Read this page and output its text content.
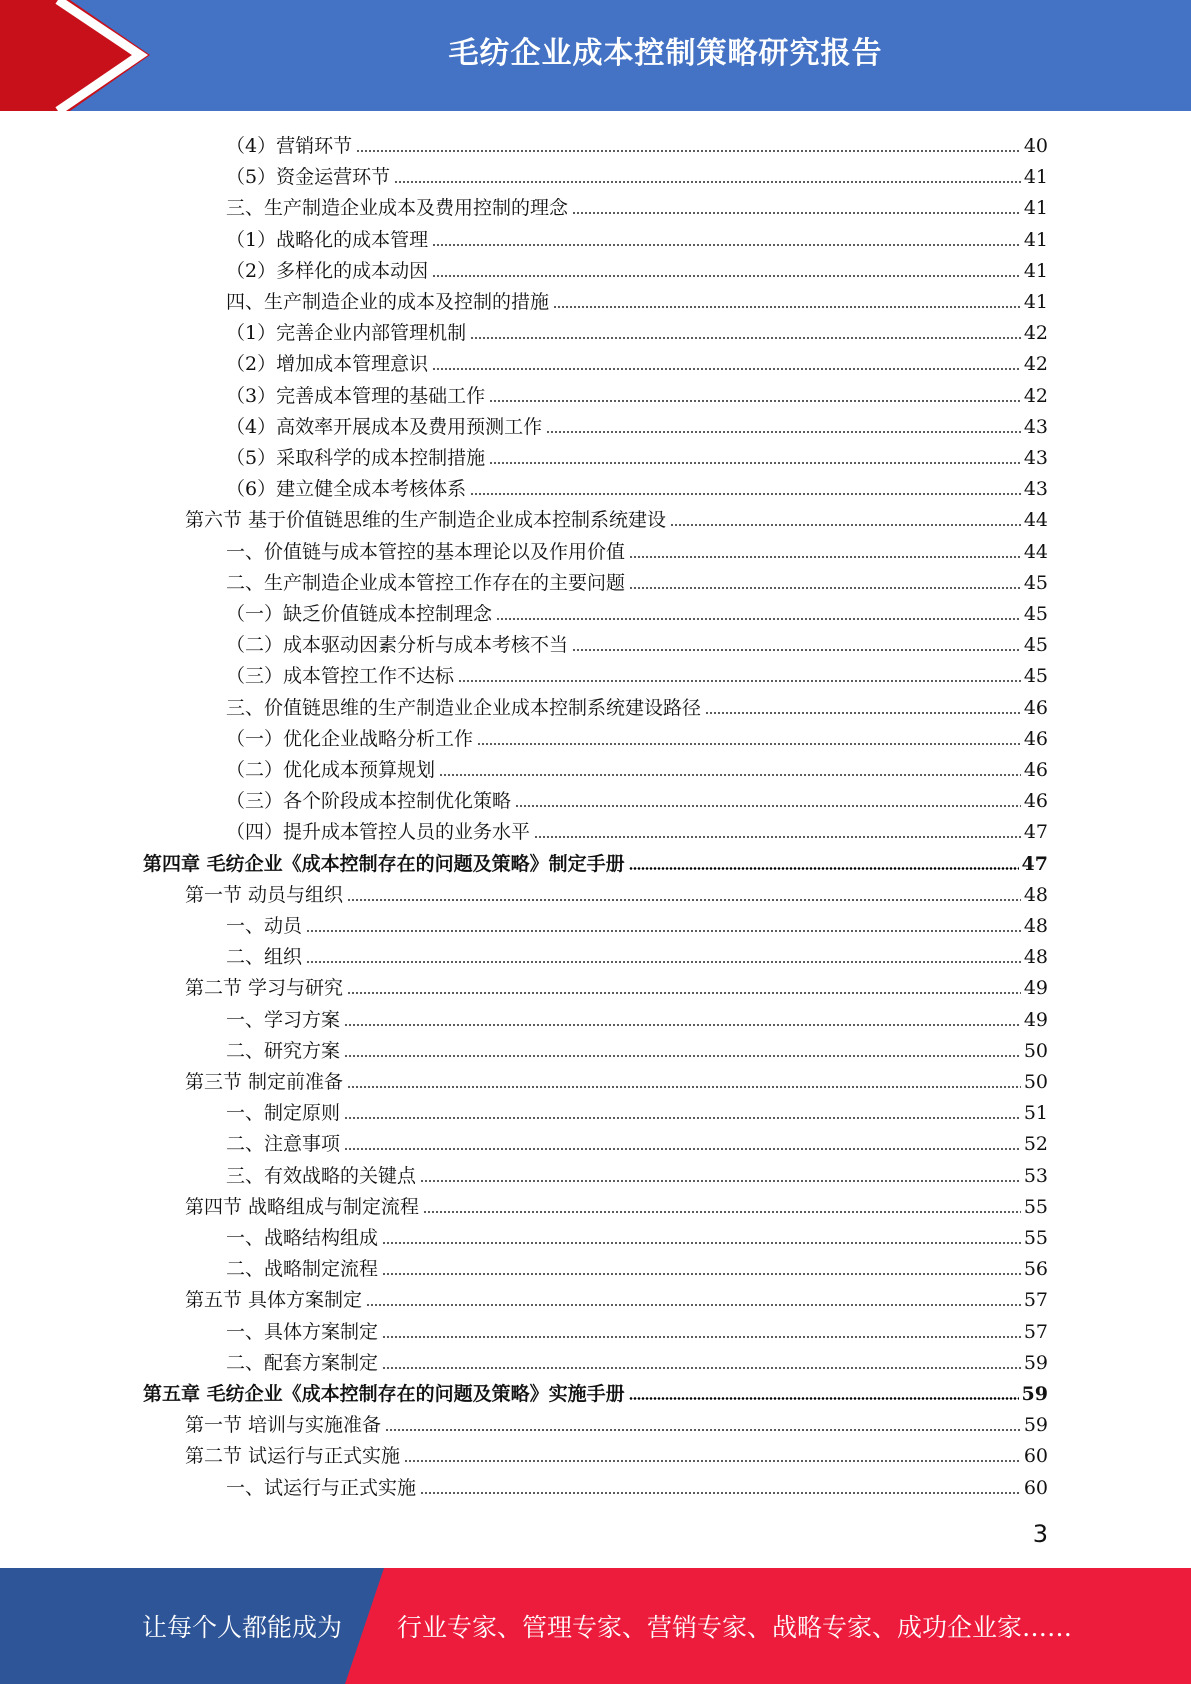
毛纺企业成本控制策略研究报告
（4）营销环节	40
（5）资金运营环节	41
三、生产制造企业成本及费用控制的理念	41
（1）战略化的成本管理	41
（2）多样化的成本动因	41
四、生产制造企业的成本及控制的措施	41
（1）完善企业内部管理机制	42
（2）增加成本管理意识	42
（3）完善成本管理的基础工作	42
（4）高效率开展成本及费用预测工作	43
（5）采取科学的成本控制措施	43
（6）建立健全成本考核体系	43
第六节 基于价值链思维的生产制造企业成本控制系统建设	44
一、价值链与成本管控的基本理论以及作用价值	44
二、生产制造企业成本管控工作存在的主要问题	45
（一）缺乏价值链成本控制理念	45
（二）成本驱动因素分析与成本考核不当	45
（三）成本管控工作不达标	45
三、价值链思维的生产制造业企业成本控制系统建设路径	46
（一）优化企业战略分析工作	46
（二）优化成本预算规划	46
（三）各个阶段成本控制优化策略	46
（四）提升成本管控人员的业务水平	47
第四章 毛纺企业《成本控制存在的问题及策略》制定手册	47
第一节 动员与组织	48
一、动员	48
二、组织	48
第二节 学习与研究	49
一、学习方案	49
二、研究方案	50
第三节 制定前准备	50
一、制定原则	51
二、注意事项	52
三、有效战略的关键点	53
第四节 战略组成与制定流程	55
一、战略结构组成	55
二、战略制定流程	56
第五节 具体方案制定	57
一、具体方案制定	57
二、配套方案制定	59
第五章 毛纺企业《成本控制存在的问题及策略》实施手册	59
第一节 培训与实施准备	59
第二节 试运行与正式实施	60
一、试运行与正式实施	60
3
让每个人都能成为 行业专家、管理专家、营销专家、战略专家、成功企业家……
